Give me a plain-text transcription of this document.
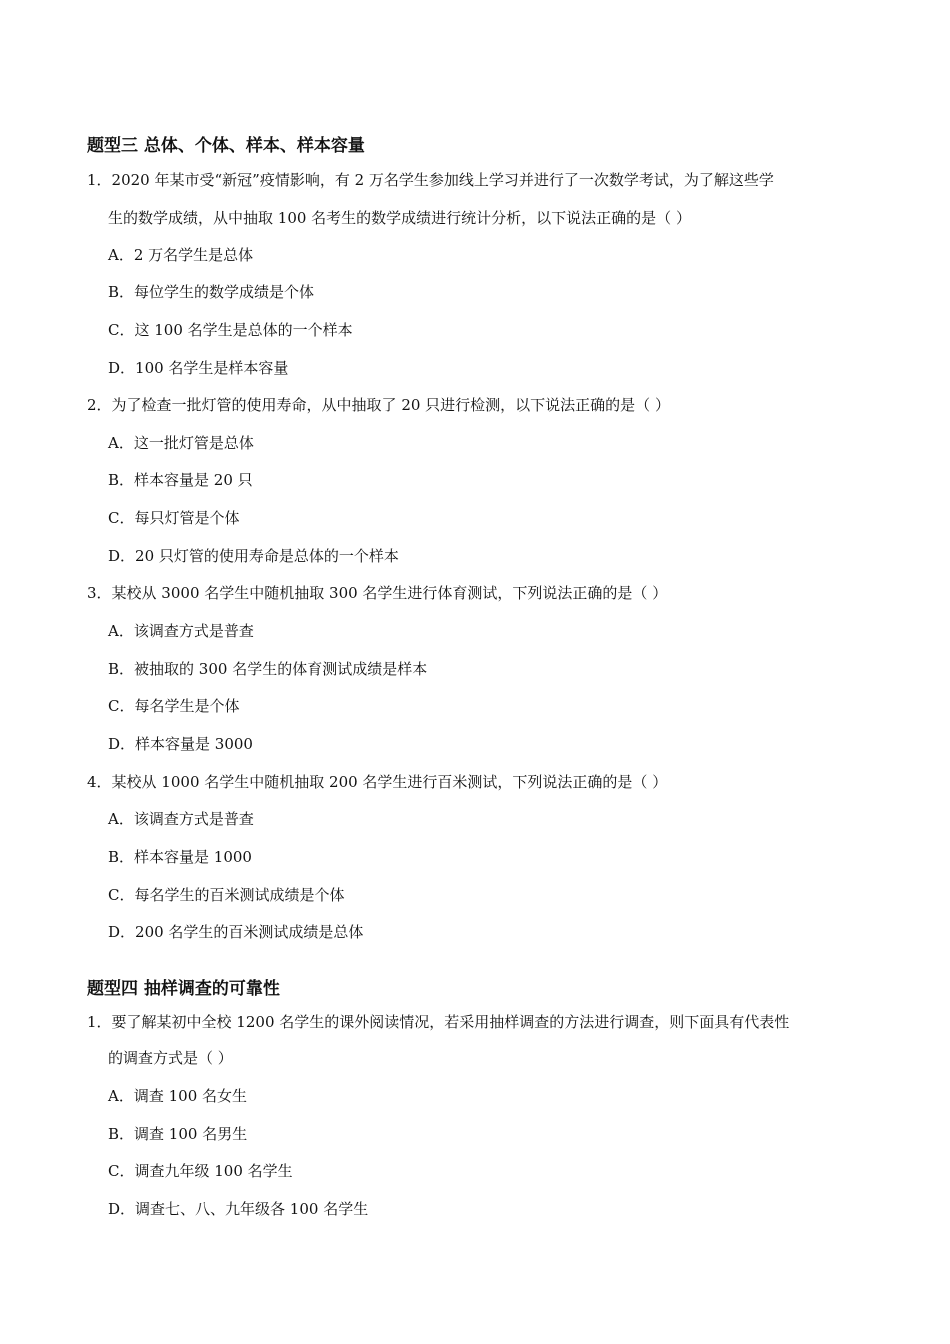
题型三 总体、个体、样本、样本容量
1．2020 年某市受“新冠”疫情影响，有 2 万名学生参加线上学习并进行了一次数学考试，为了解这些学
生的数学成绩，从中抽取 100 名考生的数学成绩进行统计分析，以下说法正确的是（ ）
A．2 万名学生是总体
B．每位学生的数学成绩是个体
C．这 100 名学生是总体的一个样本
D．100 名学生是样本容量
2．为了检查一批灯管的使用寿命，从中抽取了 20 只进行检测，以下说法正确的是（ ）
A．这一批灯管是总体
B．样本容量是 20 只
C．每只灯管是个体
D．20 只灯管的使用寿命是总体的一个样本
3．某校从 3000 名学生中随机抽取 300 名学生进行体育测试，下列说法正确的是（ ）
A．该调查方式是普查
B．被抽取的 300 名学生的体育测试成绩是样本
C．每名学生是个体
D．样本容量是 3000
4．某校从 1000 名学生中随机抽取 200 名学生进行百米测试，下列说法正确的是（ ）
A．该调查方式是普查
B．样本容量是 1000
C．每名学生的百米测试成绩是个体
D．200 名学生的百米测试成绩是总体
题型四 抽样调查的可靠性
1．要了解某初中全校 1200 名学生的课外阅读情况，若采用抽样调查的方法进行调查，则下面具有代表性
的调查方式是（ ）
A．调查 100 名女生
B．调查 100 名男生
C．调查九年级 100 名学生
D．调查七、八、九年级各 100 名学生
